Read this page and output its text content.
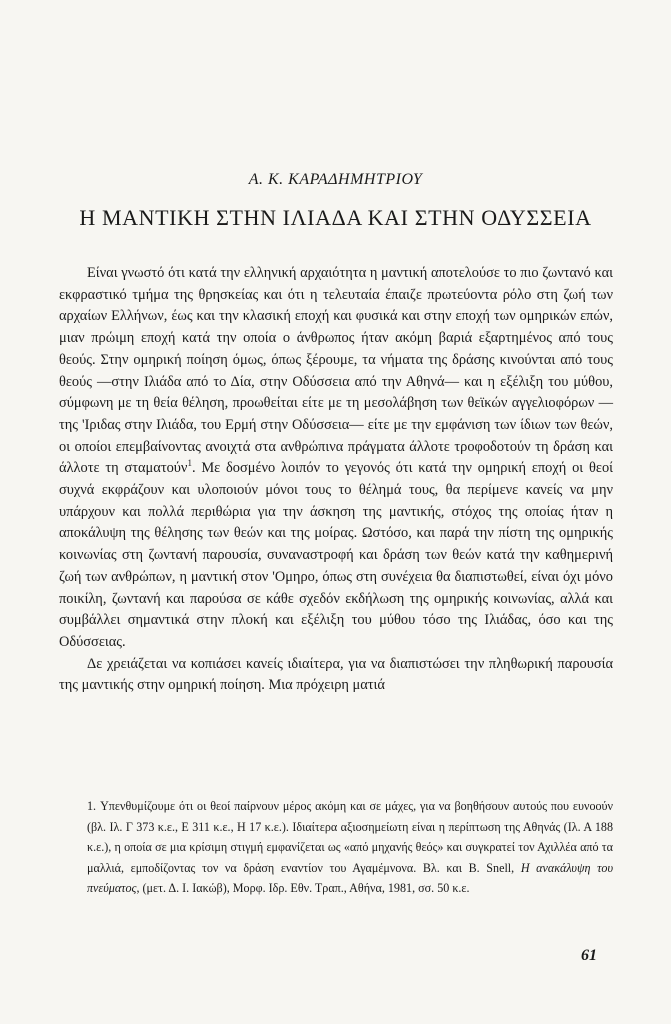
Α. Κ. ΚΑΡΑΔΗΜΗΤΡΙΟΥ
Η ΜΑΝΤΙΚΗ ΣΤΗΝ ΙΛΙΑΔΑ ΚΑΙ ΣΤΗΝ ΟΔΥΣΣΕΙΑ

Είναι γνωστό ότι κατά την ελληνική αρχαιότητα η μαντική αποτελούσε το πιο ζωντανό και εκφραστικό τμήμα της θρησκείας και ότι η τελευταία έπαιζε πρωτεύοντα ρόλο στη ζωή των αρχαίων Ελλήνων, έως και την κλασική εποχή και φυσικά και στην εποχή των ομηρικών επών, μιαν πρώιμη εποχή κατά την οποία ο άνθρωπος ήταν ακόμη βαριά εξαρτημένος από τους θεούς. Στην ομηρική ποίηση όμως, όπως ξέρουμε, τα νήματα της δράσης κινούνται από τους θεούς —στην Ιλιάδα από το Δία, στην Οδύσσεια από την Αθηνά— και η εξέλιξη του μύθου, σύμφωνη με τη θεία θέληση, προωθείται είτε με τη μεσολάβηση των θεϊκών αγγελιοφόρων —της 'Ιριδας στην Ιλιάδα, του Ερμή στην Οδύσσεια— είτε με την εμφάνιση των ίδιων των θεών, οι οποίοι επεμβαίνοντας ανοιχτά στα ανθρώπινα πράγματα άλλοτε τροφοδοτούν τη δράση και άλλοτε τη σταματούν$^1$. Με δοσμένο λοιπόν το γεγονός ότι κατά την ομηρική εποχή οι θεοί συχνά εκφράζουν και υλοποιούν μόνοι τους το θέλημά τους, θα περίμενε κανείς να μην υπάρχουν και πολλά περιθώρια για την άσκηση της μαντικής, στόχος της οποίας ήταν η αποκάλυψη της θέλησης των θεών και της μοίρας. Ωστόσο, και παρά την πίστη της ομηρικής κοινωνίας στη ζωντανή παρουσία, συναναστροφή και δράση των θεών κατά την καθημερινή ζωή των ανθρώπων, η μαντική στον 'Ομηρο, όπως στη συνέχεια θα διαπιστωθεί, είναι όχι μόνο ποικίλη, ζωντανή και παρούσα σε κάθε σχεδόν εκδήλωση της ομηρικής κοινωνίας, αλλά και συμβάλλει σημαντικά στην πλοκή και εξέλιξη του μύθου τόσο της Ιλιάδας, όσο και της Οδύσσειας.

Δε χρειάζεται να κοπιάσει κανείς ιδιαίτερα, για να διαπιστώσει την πληθωρική παρουσία της μαντικής στην ομηρική ποίηση. Μια πρόχειρη ματιά

1. Υπενθυμίζουμε ότι οι θεοί παίρνουν μέρος ακόμη και σε μάχες, για να βοηθήσουν αυτούς που ευνοούν (βλ. Ιλ. Γ 373 κ.ε., Ε 311 κ.ε., Η 17 κ.ε.). Ιδιαίτερα αξιοσημείωτη είναι η περίπτωση της Αθηνάς (Ιλ. Α 188 κ.ε.), η οποία σε μια κρίσιμη στιγμή εμφανίζεται ως «από μηχανής θεός» και συγκρατεί τον Αχιλλέα από τα μαλλιά, εμποδίζοντας τον να δράση εναντίον του Αγαμέμνονα. Βλ. και B. Snell, Η ανακάλυψη του πνεύματος, (μετ. Δ. Ι. Ιακώβ), Μορφ. Ιδρ. Εθν. Τραπ., Αθήνα, 1981, σσ. 50 κ.ε.
61
